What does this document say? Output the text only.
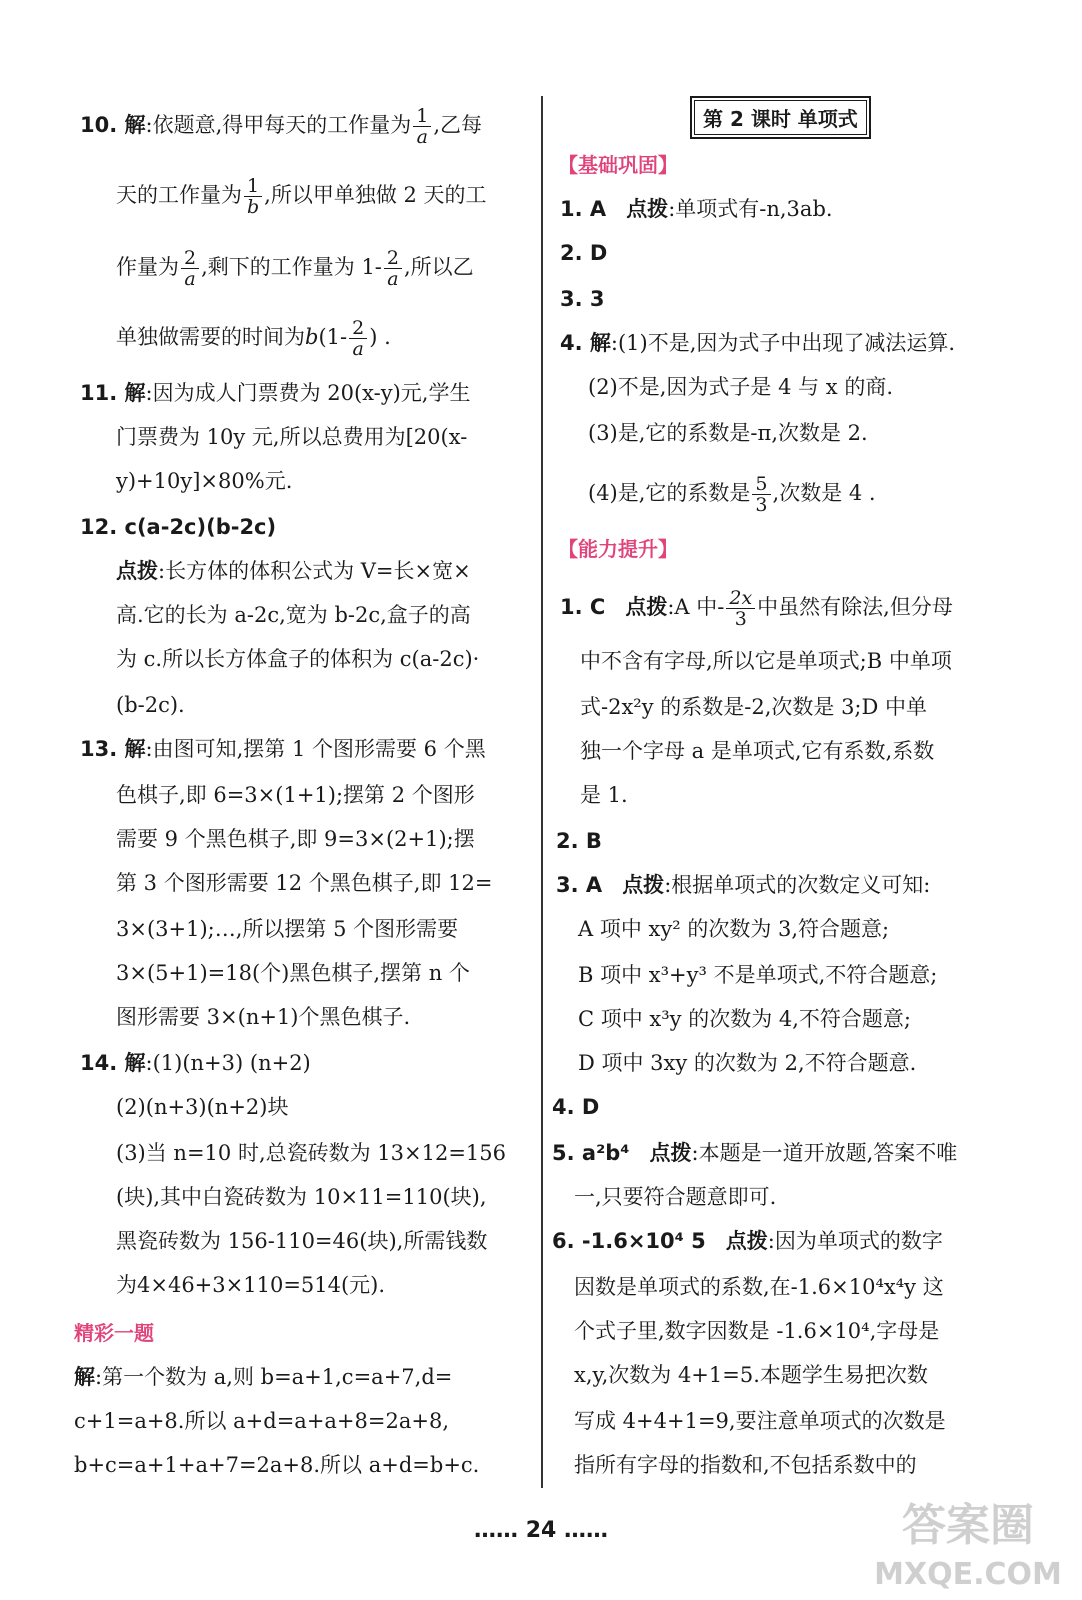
10. 解:依题意,得甲每天的工作量为 $\frac{1}{a}$ ,乙每
天的工作量为 $\frac{1}{b}$ ,所以甲单独做 2 天的工
作量为 $\frac{2}{a}$ ,剩下的工作量为 $1- \frac{2}{a}$ ,所以乙
单独做需要的时间为$b(1- \frac{2}{a}$ ) .
11. 解:因为成人门票费为 20(x-y)元,学生
门票费为 10y 元,所以总费用为[20(x-
y)+10y]×80%元.
12. c(a-2c)(b-2c)
点拨:长方体的体积公式为 V=长×宽×
高.它的长为 a-2c,宽为 b-2c,盒子的高
为 c.所以长方体盒子的体积为 c(a-2c)·
(b-2c).
13. 解:由图可知,摆第 1 个图形需要 6 个黑
色棋子,即 6=3×(1+1);摆第 2 个图形
需要 9 个黑色棋子,即 9=3×(2+1);摆
第 3 个图形需要 12 个黑色棋子,即 12=
3×(3+1);…,所以摆第 5 个图形需要
3×(5+1)=18(个)黑色棋子,摆第 n 个
图形需要 3×(n+1)个黑色棋子.
14. 解:(1)(n+3) (n+2)
(2)(n+3)(n+2)块
(3)当 n=10 时,总瓷砖数为 13×12=156
(块),其中白瓷砖数为 10×11=110(块),
黑瓷砖数为 156-110=46(块),所需钱数
为4×46+3×110=514(元).
精彩一题
解:第一个数为 a,则 b=a+1,c=a+7,d=
c+1=a+8.所以 a+d=a+a+8=2a+8,
b+c=a+1+a+7=2a+8.所以 a+d=b+c.
第 2 课时 单项式
【基础巩固】
1. A 点拨:单项式有-n,3ab.
2. D
3. 3
4. 解:(1)不是,因为式子中出现了减法运算.
(2)不是,因为式子是 4 与 x 的商.
(3)是,它的系数是-π,次数是 2.
(4)是,它的系数是 $\frac{5}{3}$ ,次数是 4 .
【能力提升】
1. C 点拨:A 中- $\frac{2x}{3}$ 中虽然有除法,但分母
中不含有字母,所以它是单项式;B 中单项
式-2x²y 的系数是-2,次数是 3;D 中单
独一个字母 a 是单项式,它有系数,系数
是 1.
2. B
3. A 点拨:根据单项式的次数定义可知:
A 项中 xy² 的次数为 3,符合题意;
B 项中 x³+y³ 不是单项式,不符合题意;
C 项中 x³y 的次数为 4,不符合题意;
D 项中 3xy 的次数为 2,不符合题意.
4. D
5. a²b⁴ 点拨:本题是一道开放题,答案不唯
一,只要符合题意即可.
6. -1.6×10⁴ 5 点拨:因为单项式的数字
因数是单项式的系数,在-1.6×10⁴x⁴y 这
个式子里,数字因数是 -1.6×10⁴,字母是
x,y,次数为 4+1=5.本题学生易把次数
写成 4+4+1=9,要注意单项式的次数是
指所有字母的指数和,不包括系数中的
…… 24 ……	答案圈
MXQE.COM
